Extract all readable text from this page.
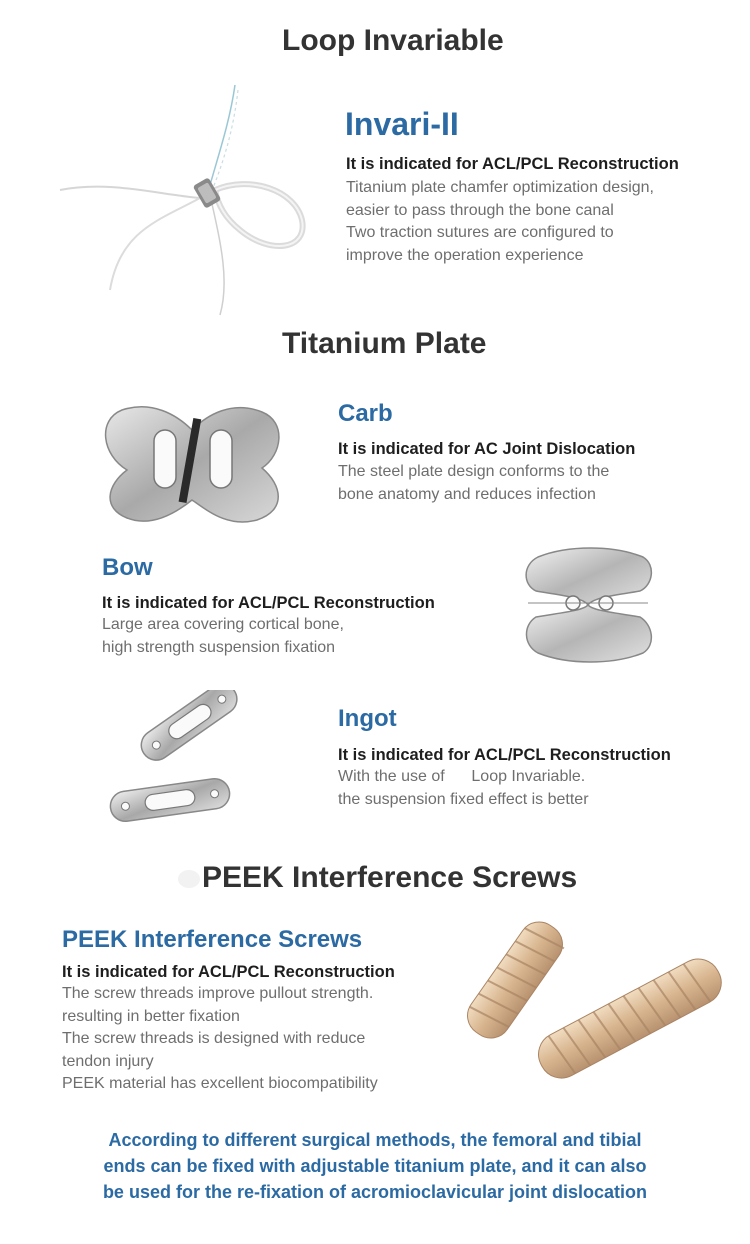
Loop Invariable
Invari-II
It is indicated for ACL/PCL Reconstruction
Titanium plate chamfer optimization design,
easier to pass through the bone canal
Two traction sutures are configured to
improve the operation experience
Titanium Plate
Carb
It is indicated for AC Joint Dislocation
The steel plate design conforms to the
bone anatomy and reduces infection
Bow
It is indicated for ACL/PCL Reconstruction
Large area covering cortical bone,
high strength suspension fixation
Ingot
It is indicated for ACL/PCL Reconstruction
With the use of      Loop Invariable.
the suspension fixed effect is better
PEEK Interference Screws
PEEK Interference Screws
It is indicated for ACL/PCL Reconstruction
The screw threads improve pullout strength.
resulting in better fixation
The screw threads is designed with reduce
tendon injury
PEEK material has excellent biocompatibility
According to different surgical methods, the femoral and tibial
ends can be fixed with adjustable titanium plate, and it can also
be used for the re-fixation of acromioclavicular joint dislocation
